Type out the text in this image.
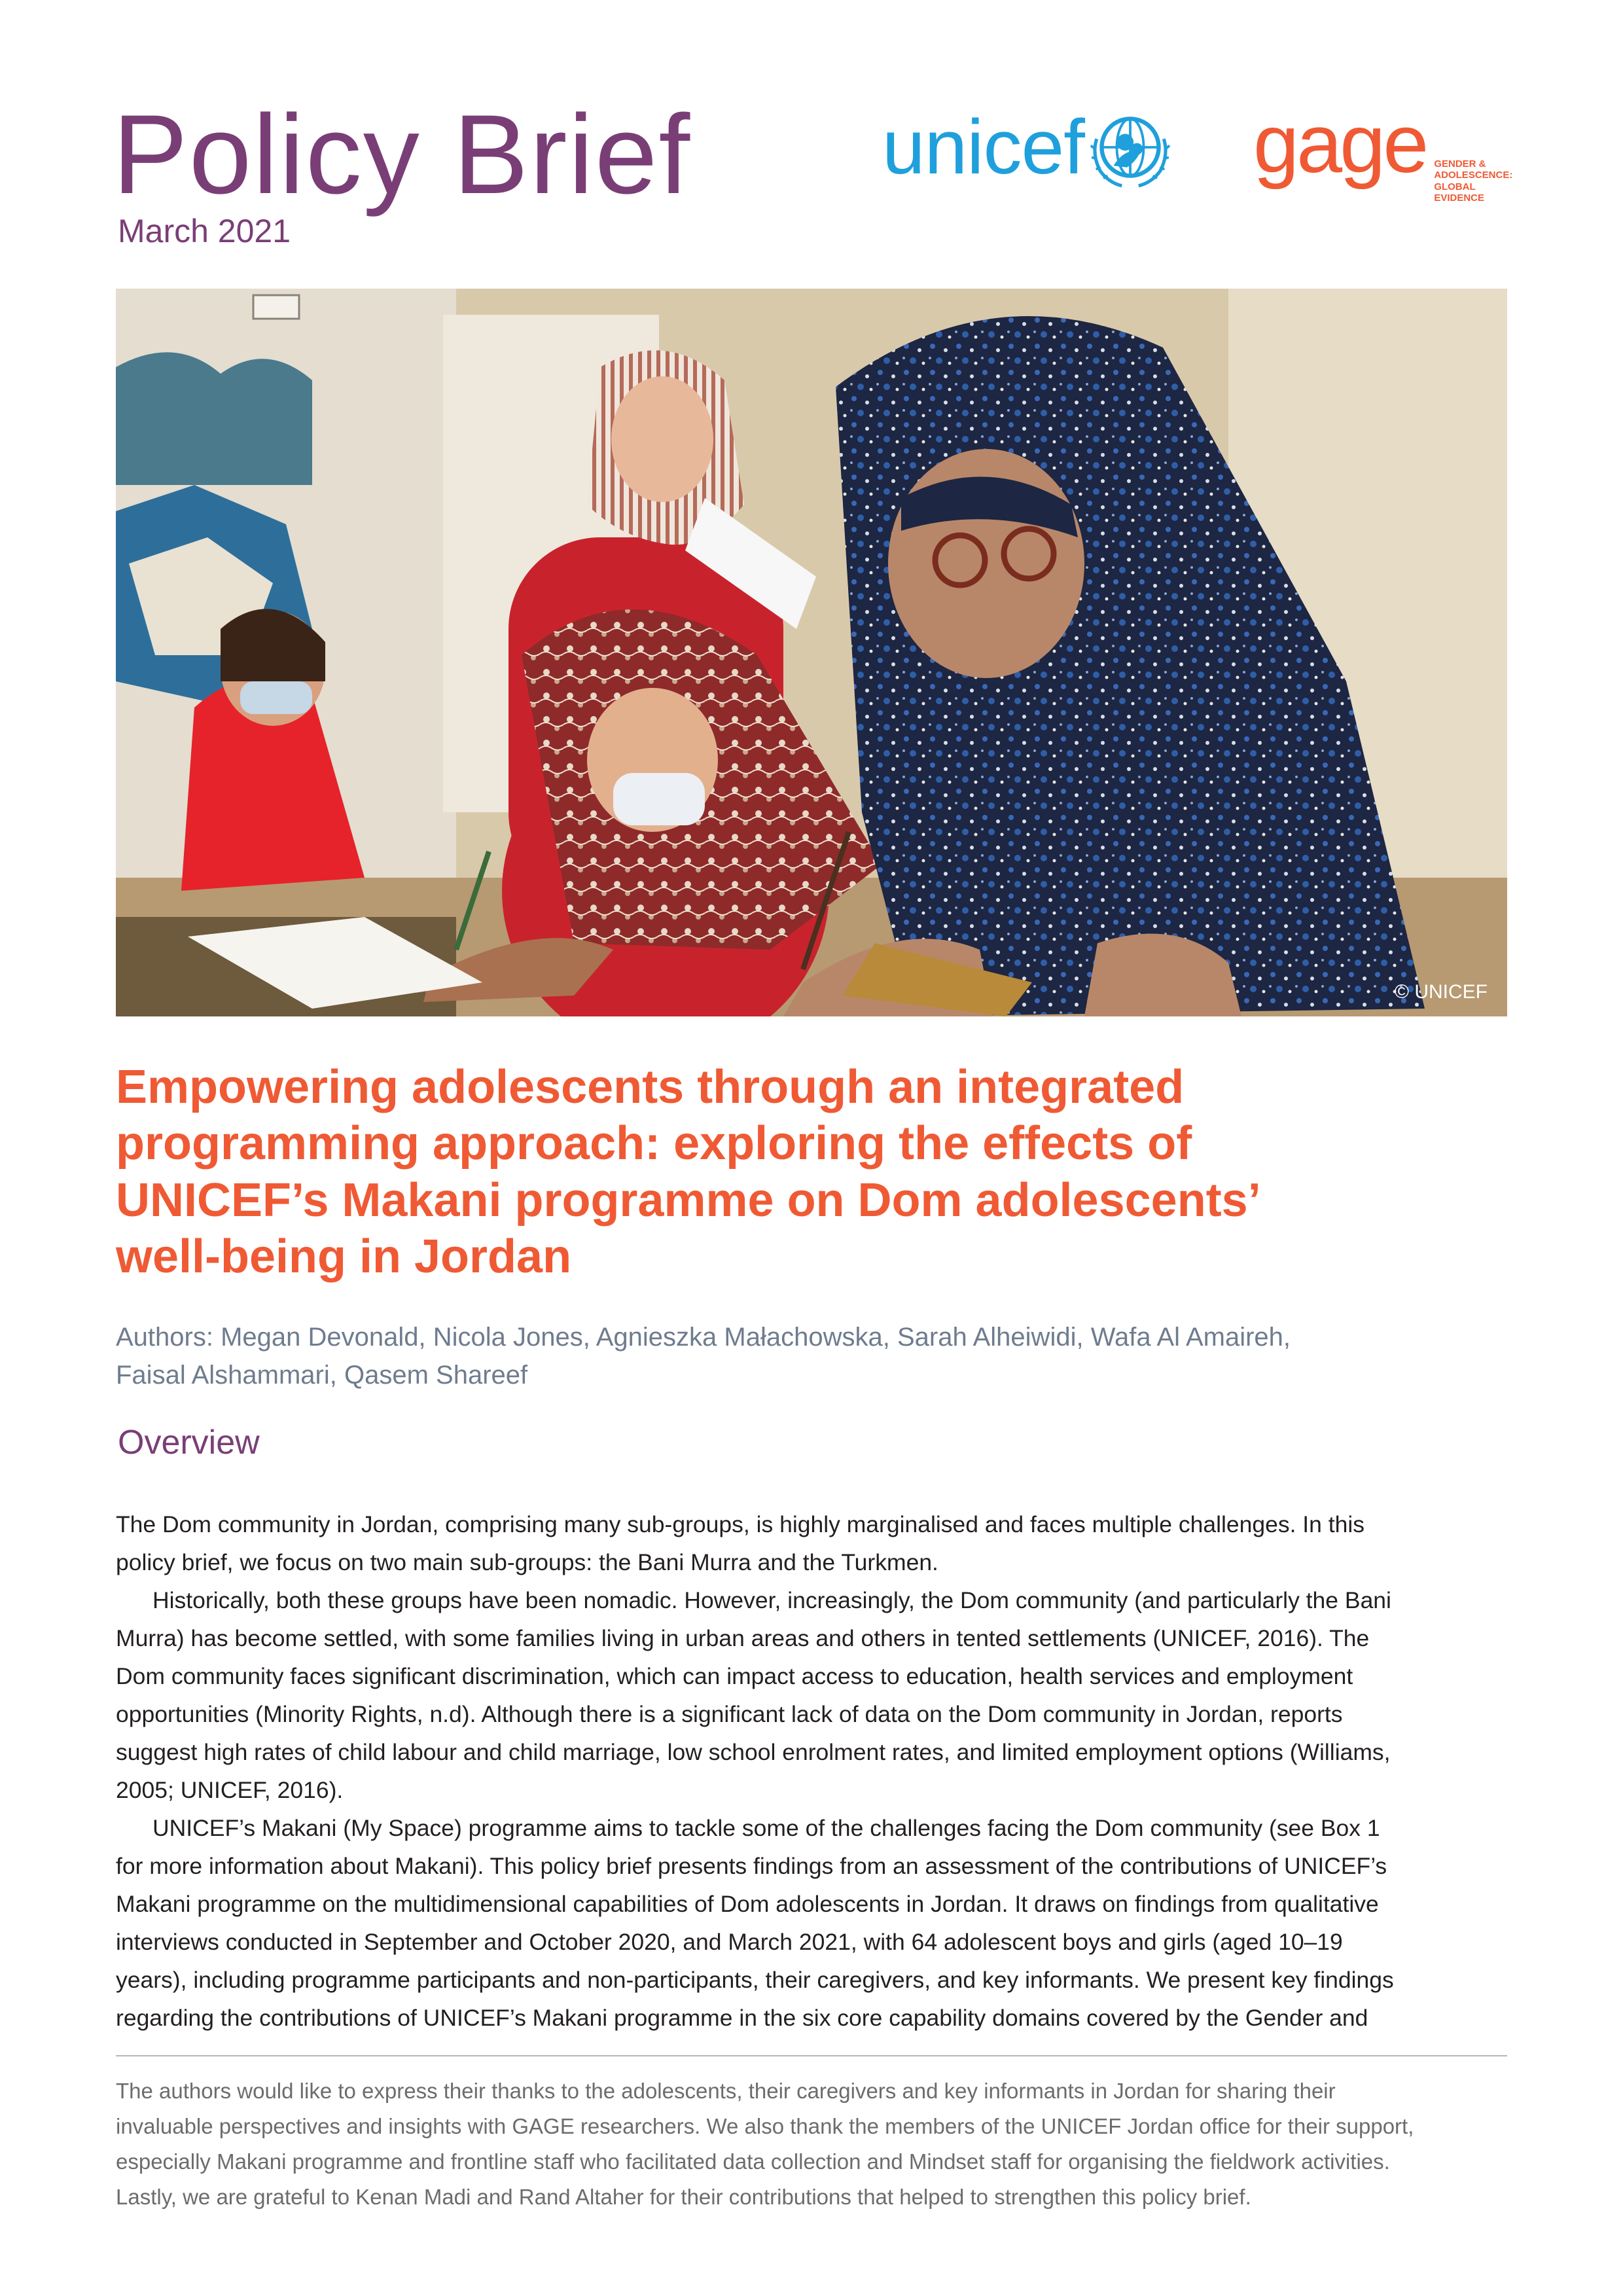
Policy Brief
March 2021
unicef gage GENDER &
ADOLESCENCE:
GLOBAL
EVIDENCE
© UNICEF
Empowering adolescents through an integrated
programming approach: exploring the effects of
UNICEF’s Makani programme on Dom adolescents’
well-being in Jordan
Authors: Megan Devonald, Nicola Jones, Agnieszka Małachowska, Sarah Alheiwidi, Wafa Al Amaireh,
Faisal Alshammari, Qasem Shareef
Overview
The Dom community in Jordan, comprising many sub-groups, is highly marginalised and faces multiple challenges. In this
policy brief, we focus on two main sub-groups: the Bani Murra and the Turkmen.
Historically, both these groups have been nomadic. However, increasingly, the Dom community (and particularly the Bani
Murra) has become settled, with some families living in urban areas and others in tented settlements (UNICEF, 2016). The
Dom community faces significant discrimination, which can impact access to education, health services and employment
opportunities (Minority Rights, n.d). Although there is a significant lack of data on the Dom community in Jordan, reports
suggest high rates of child labour and child marriage, low school enrolment rates, and limited employment options (Williams,
2005; UNICEF, 2016).
UNICEF’s Makani (My Space) programme aims to tackle some of the challenges facing the Dom community (see Box 1
for more information about Makani). This policy brief presents findings from an assessment of the contributions of UNICEF’s
Makani programme on the multidimensional capabilities of Dom adolescents in Jordan. It draws on findings from qualitative
interviews conducted in September and October 2020, and March 2021, with 64 adolescent boys and girls (aged 10–19
years), including programme participants and non-participants, their caregivers, and key informants. We present key findings
regarding the contributions of UNICEF’s Makani programme in the six core capability domains covered by the Gender and
The authors would like to express their thanks to the adolescents, their caregivers and key informants in Jordan for sharing their
invaluable perspectives and insights with GAGE researchers. We also thank the members of the UNICEF Jordan office for their support,
especially Makani programme and frontline staff who facilitated data collection and Mindset staff for organising the fieldwork activities.
Lastly, we are grateful to Kenan Madi and Rand Altaher for their contributions that helped to strengthen this policy brief.
